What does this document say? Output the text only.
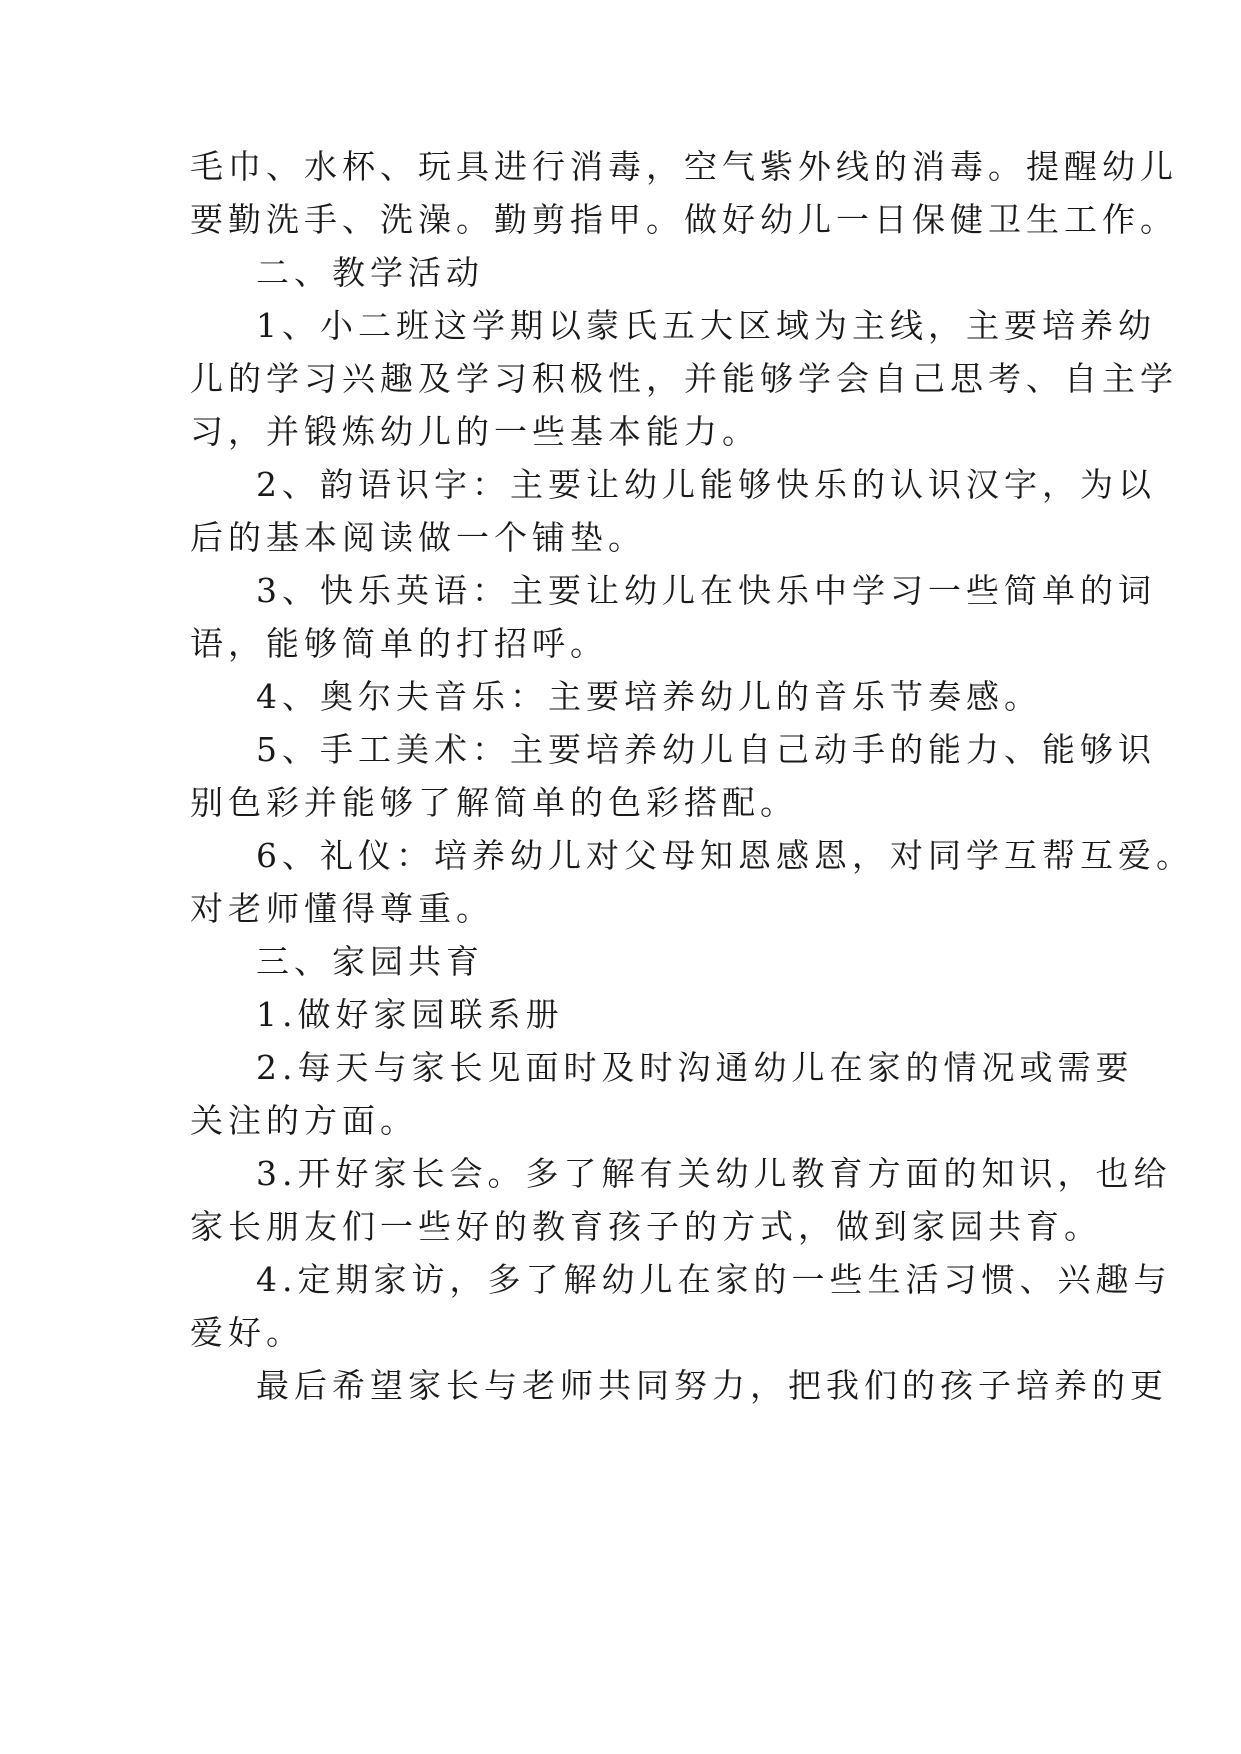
毛巾、水杯、玩具进行消毒，空气紫外线的消毒。提醒幼儿

要勤洗手、洗澡。勤剪指甲。做好幼儿一日保健卫生工作。

二、教学活动

1、小二班这学期以蒙氏五大区域为主线，主要培养幼

儿的学习兴趣及学习积极性，并能够学会自己思考、自主学

习，并锻炼幼儿的一些基本能力。

2、韵语识字：主要让幼儿能够快乐的认识汉字，为以

后的基本阅读做一个铺垫。

3、快乐英语：主要让幼儿在快乐中学习一些简单的词

语，能够简单的打招呼。

4、奥尔夫音乐：主要培养幼儿的音乐节奏感。

5、手工美术：主要培养幼儿自己动手的能力、能够识

别色彩并能够了解简单的色彩搭配。

6、礼仪：培养幼儿对父母知恩感恩，对同学互帮互爱。

对老师懂得尊重。

三、家园共育

1.做好家园联系册

2.每天与家长见面时及时沟通幼儿在家的情况或需要

关注的方面。

3.开好家长会。多了解有关幼儿教育方面的知识，也给

家长朋友们一些好的教育孩子的方式，做到家园共育。

4.定期家访，多了解幼儿在家的一些生活习惯、兴趣与

爱好。

最后希望家长与老师共同努力，把我们的孩子培养的更
